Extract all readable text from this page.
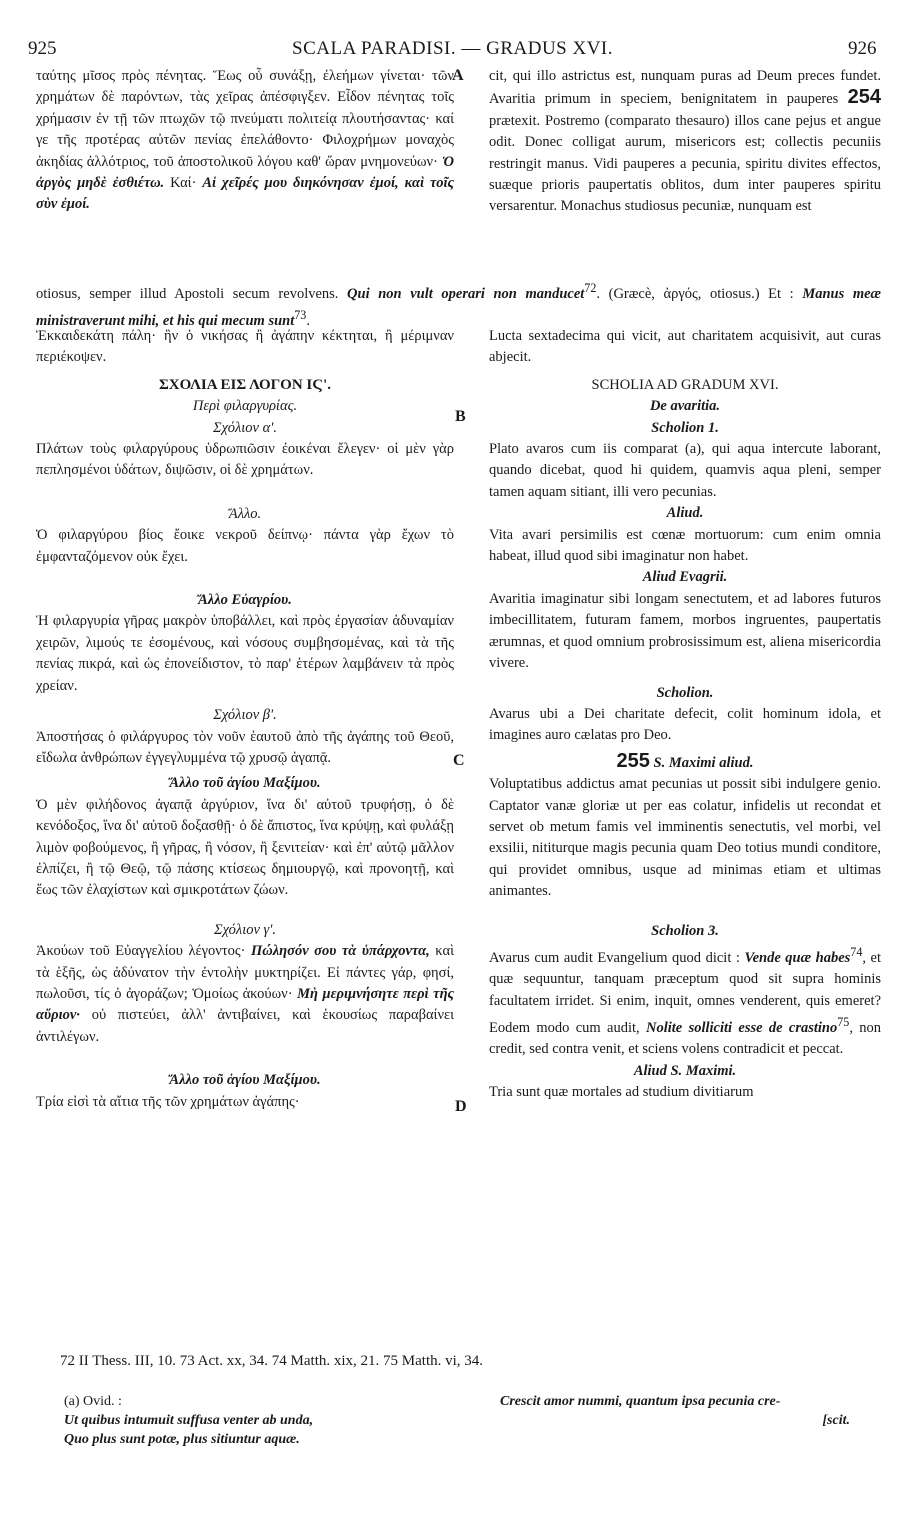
925	SCALA PARADISI. — GRADUS XVI.	926
A
B
C
D

ταύτης μῖσος πρὸς πένητας. Ἕως οὗ συνάξῃ, ἐλεήμων γίνεται· τῶν χρημάτων δὲ παρόντων, τὰς χεῖρας ἀπέσφιγξεν. Εἶδον πένητας τοῖς χρήμασιν ἐν τῇ τῶν πτωχῶν τῷ πνεύματι πολιτείᾳ πλουτήσαντας· καί γε τῆς προτέρας αὐτῶν πενίας ἐπελάθοντο· Φιλοχρήμων μοναχὸς ἀκηδίας ἀλλότριος, τοῦ ἀποστολικοῦ λόγου καθ' ὥραν μνημονεύων· Ὁ ἀργὸς μηδὲ ἐσθιέτω. Καί· Αἱ χεῖρές μου διηκόνησαν ἐμοί, καὶ τοῖς σὺν ἐμοί.

cit, qui illo astrictus est, nunquam puras ad Deum preces fundet. Avaritia primum in speciem, benignitatem in pauperes 254 prætexit. Postremo (comparato thesauro) illos cane pejus et angue odit. Donec colligat aurum, misericors est; collectis pecuniis restringit manus. Vidi pauperes a pecunia, spiritu divites effectos, suæque prioris paupertatis oblitos, dum inter pauperes spiritu versarentur. Monachus studiosus pecuniæ, nunquam est

otiosus, semper illud Apostoli secum revolvens. Qui non vult operari non manducet$^{72}$. (Græcè, ἀργός, otiosus.) Et : Manus meæ ministraverunt mihi, et his qui mecum sunt$^{73}$.

Ἑκκαιδεκάτη πάλη· ἣν ὁ νικήσας ἢ ἀγάπην κέκτηται, ἢ μέριμναν περιέκοψεν.

ΣΧΟΛΙΑ ΕΙΣ ΛΟΓΟΝ ΙϚ'.

Περὶ φιλαργυρίας.

Σχόλιον α'.

Πλάτων τοὺς φιλαργύρους ὑδρωπιῶσιν ἐοικέναι ἔλεγεν· οἱ μὲν γὰρ πεπλησμένοι ὑδάτων, διψῶσιν, οἱ δὲ χρημάτων.

Ἄλλο.

Ὁ φιλαργύρου βίος ἔοικε νεκροῦ δείπνῳ· πάντα γὰρ ἔχων τὸ ἐμφανταζόμενον οὐκ ἔχει.

Ἄλλο Εὐαγρίου.

Ἡ φιλαργυρία γῆρας μακρὸν ὑποβάλλει, καὶ πρὸς ἐργασίαν ἀδυναμίαν χειρῶν, λιμούς τε ἐσομένους, καὶ νόσους συμβησομένας, καὶ τὰ τῆς πενίας πικρά, καὶ ὡς ἐπονείδιστον, τὸ παρ' ἑτέρων λαμβάνειν τὰ πρὸς χρείαν.

Σχόλιον β'.

Ἀποστήσας ὁ φιλάργυρος τὸν νοῦν ἑαυτοῦ ἀπὸ τῆς ἀγάπης τοῦ Θεοῦ, εἴδωλα ἀνθρώπων ἐγγεγλυμμένα τῷ χρυσῷ ἀγαπᾷ.

Ἄλλο τοῦ ἁγίου Μαξίμου.

Ὁ μὲν φιλήδονος ἀγαπᾷ ἀργύριον, ἵνα δι' αὐτοῦ τρυφήσῃ, ὁ δὲ κενόδοξος, ἵνα δι' αὐτοῦ δοξασθῇ· ὁ δὲ ἄπιστος, ἵνα κρύψῃ, καὶ φυλάξῃ λιμὸν φοβούμενος, ἢ γῆρας, ἢ νόσον, ἢ ξενιτείαν· καὶ ἐπ' αὐτῷ μᾶλλον ἐλπίζει, ἢ τῷ Θεῷ, τῷ πάσης κτίσεως δημιουργῷ, καὶ προνοητῇ, καὶ ἕως τῶν ἐλαχίστων καὶ σμικροτάτων ζώων.

Σχόλιον γ'.

Ἀκούων τοῦ Εὐαγγελίου λέγοντος· Πώλησόν σου τὰ ὑπάρχοντα, καὶ τὰ ἑξῆς, ὡς ἀδύνατον τὴν ἐντολὴν μυκτηρίζει. Εἰ πάντες γάρ, φησί, πωλοῦσι, τίς ὁ ἀγοράζων; Ὁμοίως ἀκούων· Μὴ μεριμνήσητε περὶ τῆς αὔριον· οὐ πιστεύει, ἀλλ' ἀντιβαίνει, καὶ ἑκουσίως παραβαίνει ἀντιλέγων.

Ἄλλο τοῦ ἁγίου Μαξίμου.

Τρία εἰσὶ τὰ αἴτια τῆς τῶν χρημάτων ἀγάπης·

Lucta sextadecima qui vicit, aut charitatem acquisivit, aut curas abjecit.

SCHOLIA AD GRADUM XVI.

De avaritia.

Scholion 1.

Plato avaros cum iis comparat (a), qui aqua intercute laborant, quando dicebat, quod hi quidem, quamvis aqua pleni, semper tamen aquam sitiant, illi vero pecunias.

Aliud.

Vita avari persimilis est cœnæ mortuorum: cum enim omnia habeat, illud quod sibi imaginatur non habet.

Aliud Evagrii.

Avaritia imaginatur sibi longam senectutem, et ad labores futuros imbecillitatem, futuram famem, morbos ingruentes, paupertatis ærumnas, et quod omnium probrosissimum est, aliena misericordia vivere.

Scholion.

Avarus ubi a Dei charitate defecit, colit hominum idola, et imagines auro cælatas pro Deo.

255 S. Maximi aliud.

Voluptatibus addictus amat pecunias ut possit sibi indulgere genio. Captator vanæ gloriæ ut per eas colatur, infidelis ut recondat et servet ob metum famis vel imminentis senectutis, vel morbi, vel exsilii, nititurque magis pecunia quam Deo totius mundi conditore, qui providet omnibus, usque ad minimas etiam et ultimas animantes.

Scholion 3.

Avarus cum audit Evangelium quod dicit : Vende quæ habes$^{74}$, et quæ sequuntur, tanquam præceptum quod sit supra hominis facultatem irridet. Si enim, inquit, omnes venderent, quis emeret? Eodem modo cum audit, Nolite solliciti esse de crastino$^{75}$, non credit, sed contra venit, et sciens volens contradicit et peccat.

Aliud S. Maximi.

Tria sunt quæ mortales ad studium divitiarum

72 II Thess. III, 10. 73 Act. xx, 34. 74 Matth. xix, 21. 75 Matth. vi, 34.
(a) Ovid. :
Ut quibus intumuit suffusa venter ab unda,
Quo plus sunt potæ, plus sitiuntur aquæ.
Crescit amor nummi, quantum ipsa pecunia cre-
[scit.
